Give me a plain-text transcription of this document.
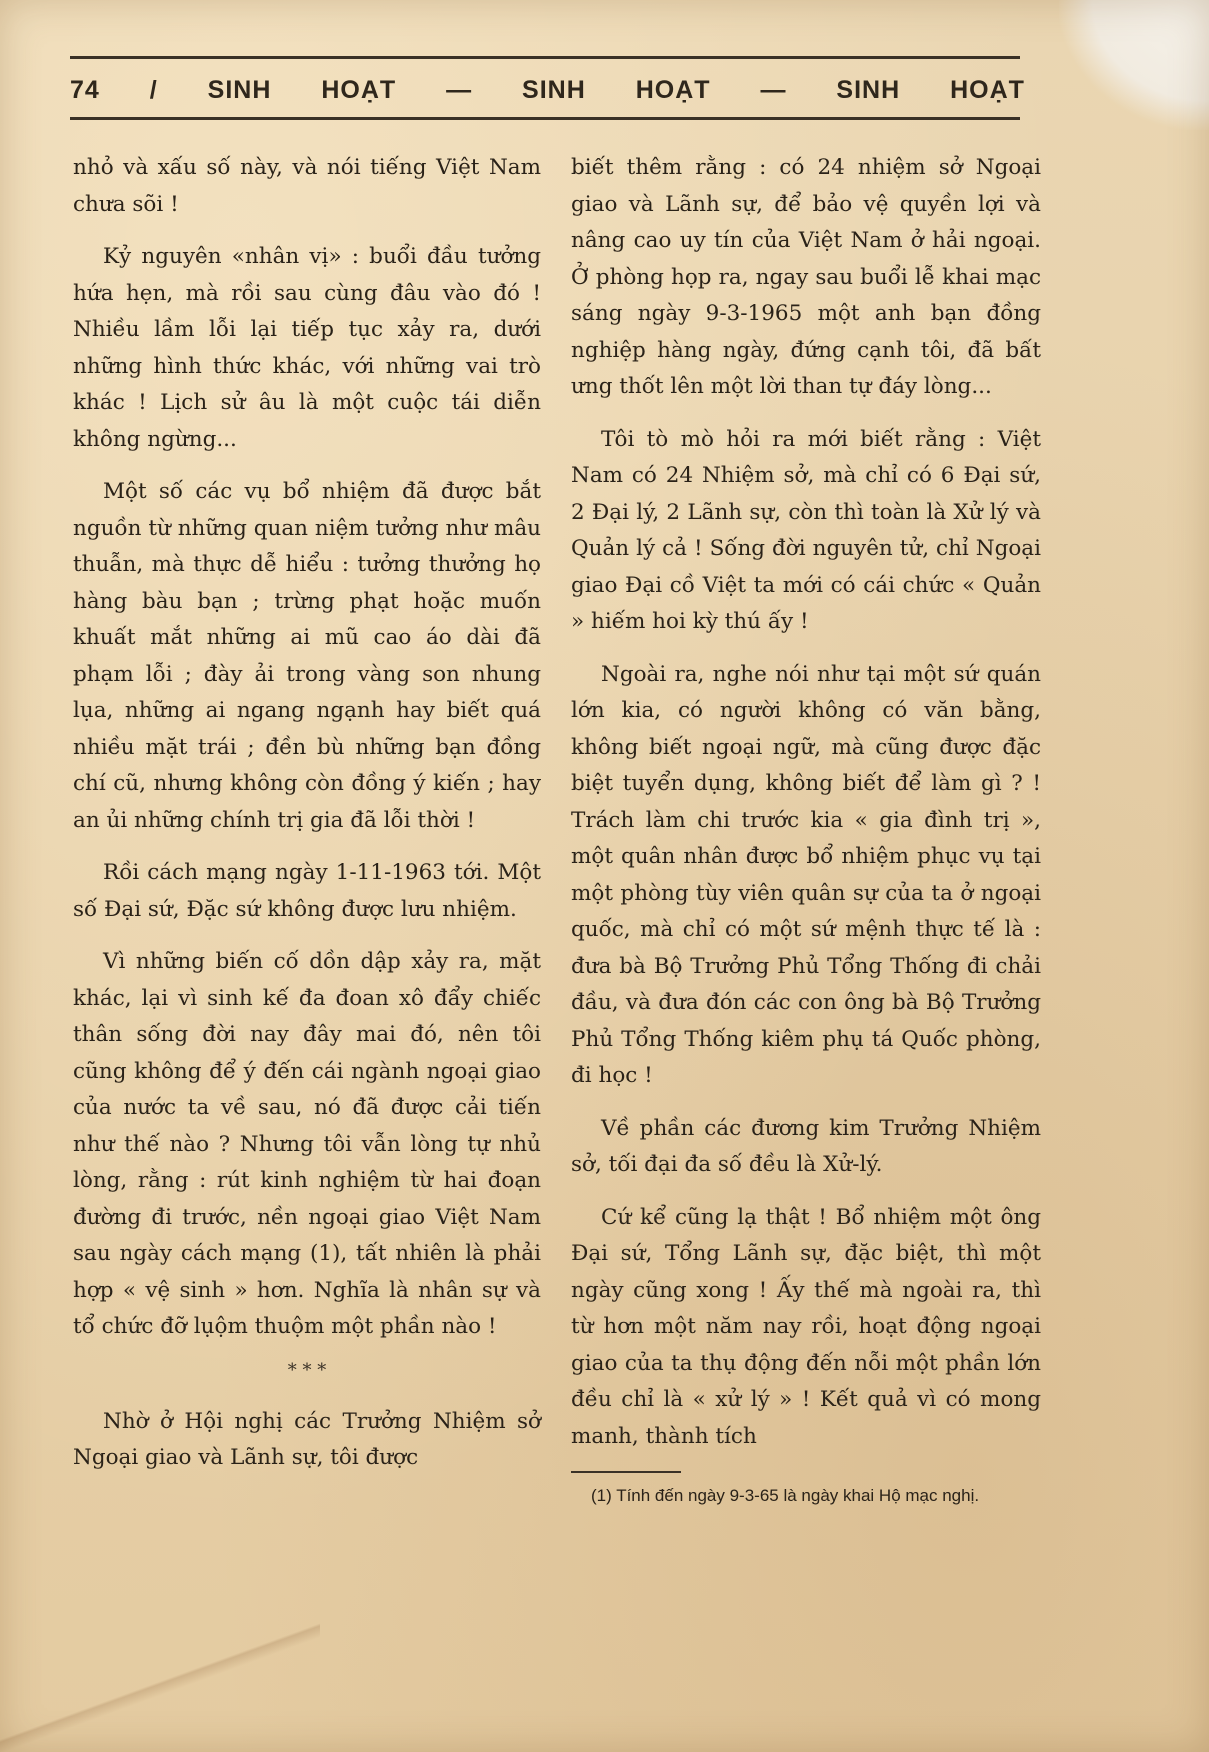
74 / SINH HOẠT — SINH HOẠT — SINH HOẠT

nhỏ và xấu số này, và nói tiếng Việt Nam chưa sõi !

Kỷ nguyên «nhân vị» : buổi đầu tưởng hứa hẹn, mà rồi sau cùng đâu vào đó ! Nhiều lầm lỗi lại tiếp tục xảy ra, dưới những hình thức khác, với những vai trò khác ! Lịch sử âu là một cuộc tái diễn không ngừng...

Một số các vụ bổ nhiệm đã được bắt nguồn từ những quan niệm tưởng như mâu thuẫn, mà thực dễ hiểu : tưởng thưởng họ hàng bàu bạn ; trừng phạt hoặc muốn khuất mắt những ai mũ cao áo dài đã phạm lỗi ; đày ải trong vàng son nhung lụa, những ai ngang ngạnh hay biết quá nhiều mặt trái ; đền bù những bạn đồng chí cũ, nhưng không còn đồng ý kiến ; hay an ủi những chính trị gia đã lỗi thời !

Rồi cách mạng ngày 1-11-1963 tới. Một số Đại sứ, Đặc sứ không được lưu nhiệm.

Vì những biến cố dồn dập xảy ra, mặt khác, lại vì sinh kế đa đoan xô đẩy chiếc thân sống đời nay đây mai đó, nên tôi cũng không để ý đến cái ngành ngoại giao của nước ta về sau, nó đã được cải tiến như thế nào ? Nhưng tôi vẫn lòng tự nhủ lòng, rằng : rút kinh nghiệm từ hai đoạn đường đi trước, nền ngoại giao Việt Nam sau ngày cách mạng (1), tất nhiên là phải hợp « vệ sinh » hơn. Nghĩa là nhân sự và tổ chức đỡ lụộm thuộm một phần nào !

* * *

Nhờ ở Hội nghị các Trưởng Nhiệm sở Ngoại giao và Lãnh sự, tôi được

biết thêm rằng : có 24 nhiệm sở Ngoại giao và Lãnh sự, để bảo vệ quyền lợi và nâng cao uy tín của Việt Nam ở hải ngoại. Ở phòng họp ra, ngay sau buổi lễ khai mạc sáng ngày 9-3-1965 một anh bạn đồng nghiệp hàng ngày, đứng cạnh tôi, đã bất ưng thốt lên một lời than tự đáy lòng...

Tôi tò mò hỏi ra mới biết rằng : Việt Nam có 24 Nhiệm sở, mà chỉ có 6 Đại sứ, 2 Đại lý, 2 Lãnh sự, còn thì toàn là Xử lý và Quản lý cả ! Sống đời nguyên tử, chỉ Ngoại giao Đại cồ Việt ta mới có cái chức « Quản » hiếm hoi kỳ thú ấy !

Ngoài ra, nghe nói như tại một sứ quán lớn kia, có người không có văn bằng, không biết ngoại ngữ, mà cũng được đặc biệt tuyển dụng, không biết để làm gì ? ! Trách làm chi trước kia « gia đình trị », một quân nhân được bổ nhiệm phục vụ tại một phòng tùy viên quân sự của ta ở ngoại quốc, mà chỉ có một sứ mệnh thực tế là : đưa bà Bộ Trưởng Phủ Tổng Thống đi chải đầu, và đưa đón các con ông bà Bộ Trưởng Phủ Tổng Thống kiêm phụ tá Quốc phòng, đi học !

Về phần các đương kim Trưởng Nhiệm sở, tối đại đa số đều là Xử-lý.

Cứ kể cũng lạ thật ! Bổ nhiệm một ông Đại sứ, Tổng Lãnh sự, đặc biệt, thì một ngày cũng xong ! Ấy thế mà ngoài ra, thì từ hơn một năm nay rồi, hoạt động ngoại giao của ta thụ động đến nỗi một phần lớn đều chỉ là « xử lý » ! Kết quả vì có mong manh, thành tích

(1) Tính đến ngày 9-3-65 là ngày khai Hộ mạc nghị.
